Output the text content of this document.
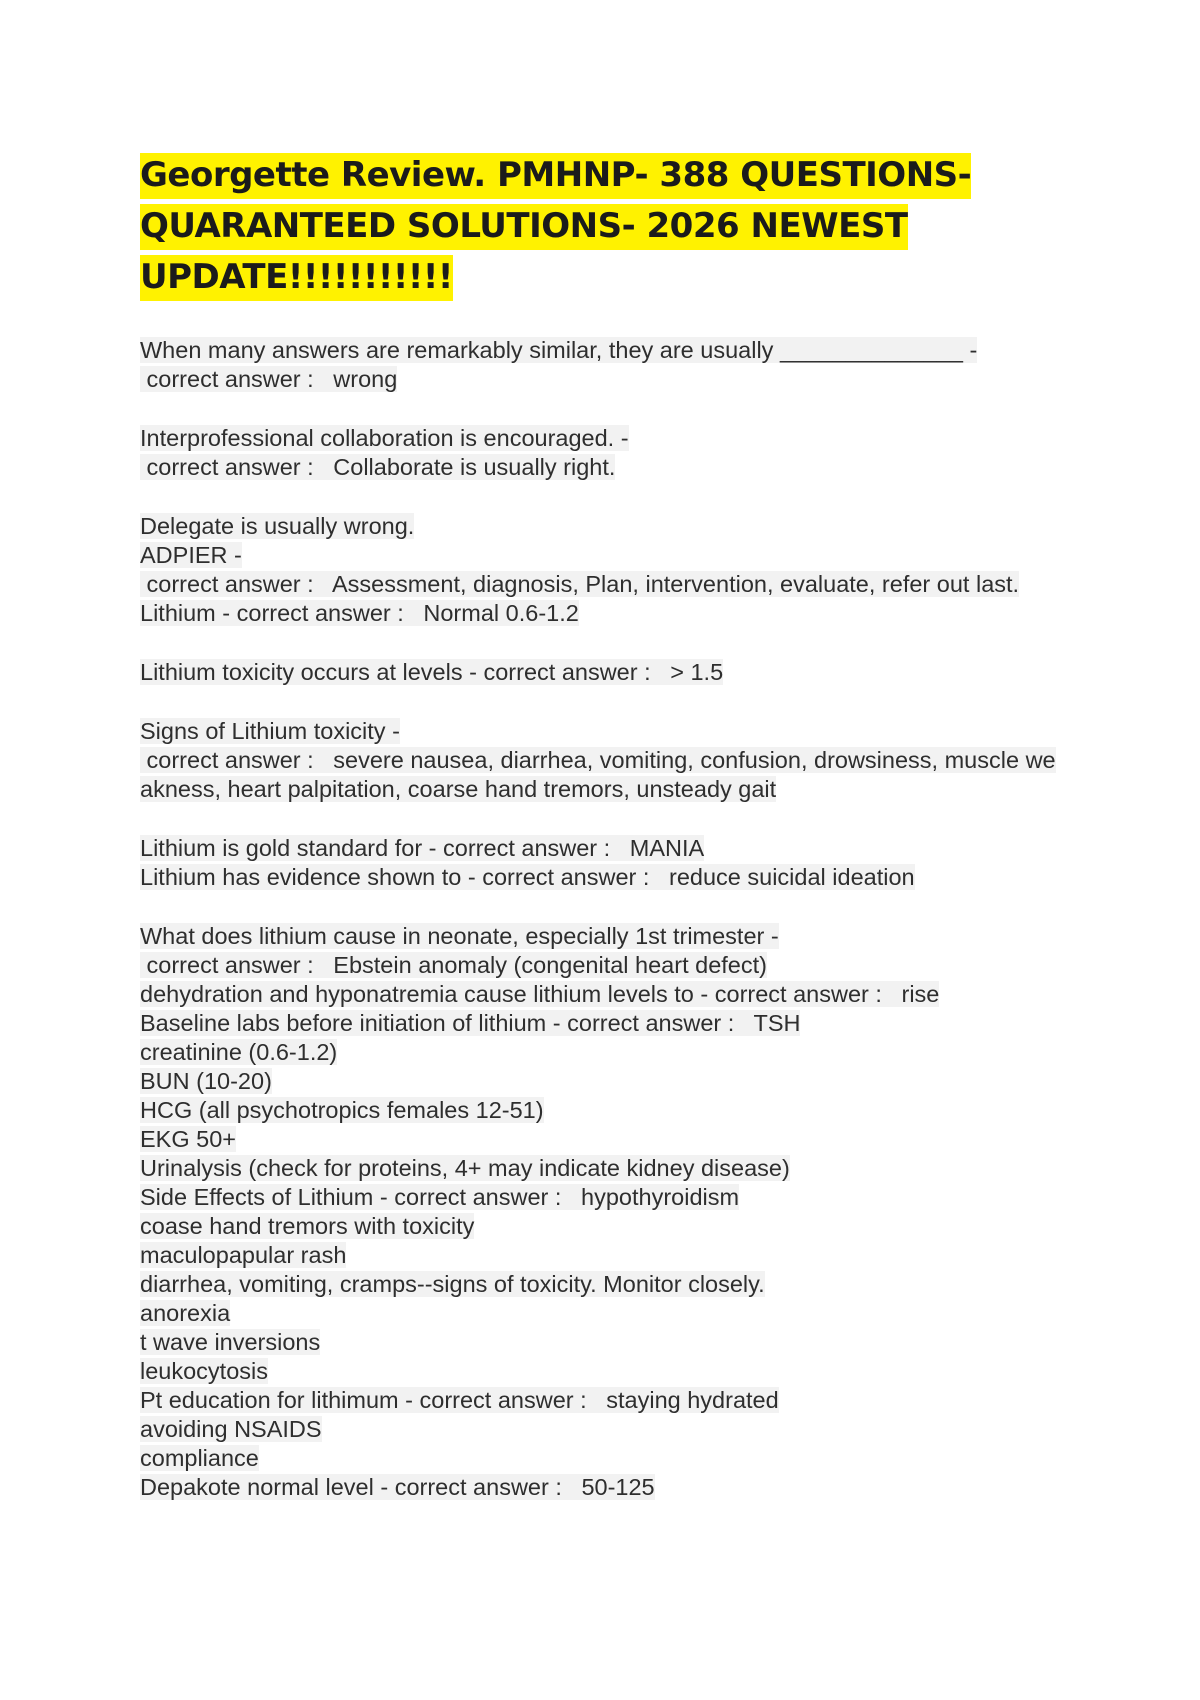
Georgette Review. PMHNP- 388 QUESTIONS-
QUARANTEED SOLUTIONS- 2026 NEWEST
UPDATE!!!!!!!!!!!
When many answers are remarkably similar, they are usually ______________ -
correct answer :   wrong
Interprofessional collaboration is encouraged. -
correct answer :   Collaborate is usually right.
Delegate is usually wrong.
ADPIER -
correct answer :   Assessment, diagnosis, Plan, intervention, evaluate, refer out last.
Lithium - correct answer :   Normal 0.6-1.2
Lithium toxicity occurs at levels - correct answer :   > 1.5
Signs of Lithium toxicity -
correct answer :   severe nausea, diarrhea, vomiting, confusion, drowsiness, muscle we
akness, heart palpitation, coarse hand tremors, unsteady gait
Lithium is gold standard for - correct answer :   MANIA
Lithium has evidence shown to - correct answer :   reduce suicidal ideation
What does lithium cause in neonate, especially 1st trimester -
correct answer :   Ebstein anomaly (congenital heart defect)
dehydration and hyponatremia cause lithium levels to - correct answer :   rise
Baseline labs before initiation of lithium - correct answer :   TSH
creatinine (0.6-1.2)
BUN (10-20)
HCG (all psychotropics females 12-51)
EKG 50+
Urinalysis (check for proteins, 4+ may indicate kidney disease)
Side Effects of Lithium - correct answer :   hypothyroidism
coase hand tremors with toxicity
maculopapular rash
diarrhea, vomiting, cramps--signs of toxicity. Monitor closely.
anorexia
t wave inversions
leukocytosis
Pt education for lithimum - correct answer :   staying hydrated
avoiding NSAIDS
compliance
Depakote normal level - correct answer :   50-125
